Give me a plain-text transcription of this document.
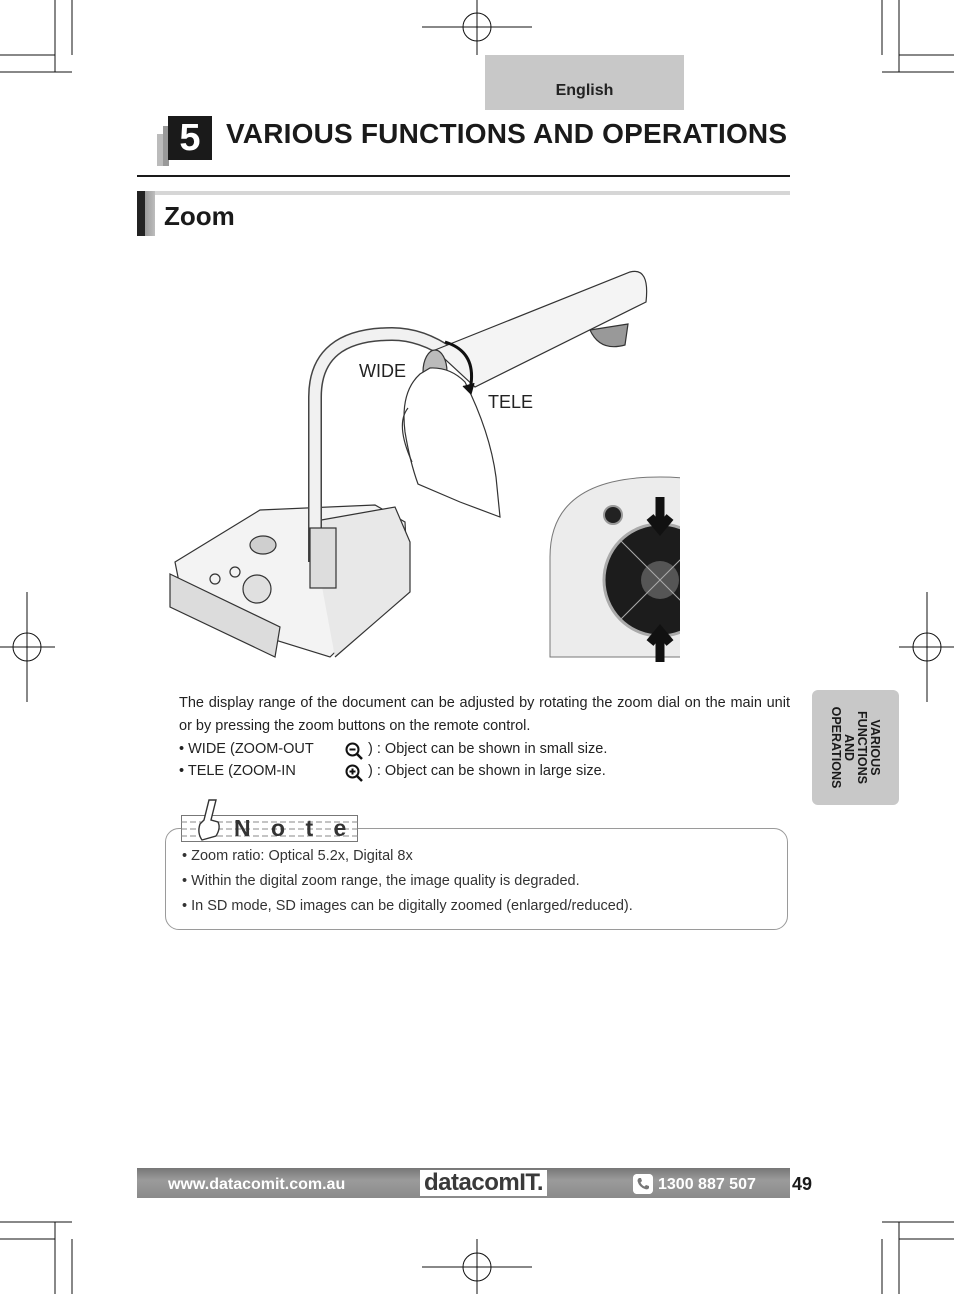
English
5 VARIOUS FUNCTIONS AND OPERATIONS
Zoom
WIDE
TELE
The display range of the document can be adjusted by rotating the zoom dial on the main unit or by pressing the zoom buttons on the remote control.
• WIDE (ZOOM-OUT	) : Object can be shown in small size.
• TELE (ZOOM-IN	) : Object can be shown in large size.	VARIOUS
FUNCTIONS
AND
OPERATIONS
N o t e
• Zoom ratio: Optical 5.2x, Digital 8x
• Within the digital zoom range, the image quality is degraded.
• In SD mode, SD images can be digitally zoomed (enlarged/reduced).
www.datacomit.com.au	datacomIT.	1300 887 507 49
